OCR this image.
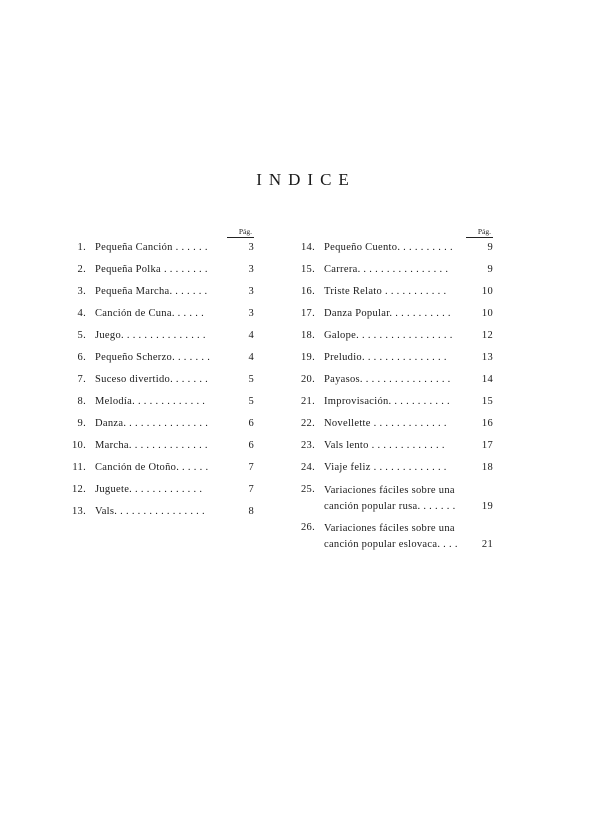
INDICE
Pág.
1. Pequeña Canción . . . . . .	3
2. Pequeña Polka . . . . . . . .	3
3. Pequeña Marcha. . . . . . .	3
4. Canción de Cuna. . . . . .	3
5. Juego. . . . . . . . . . . . . . .	4
6. Pequeño Scherzo. . . . . . .	4
7. Suceso divertido. . . . . . .	5
8. Melodía. . . . . . . . . . . . .	5
9. Danza. . . . . . . . . . . . . . .	6
10. Marcha. . . . . . . . . . . . . .	6
11. Canción de Otoño. . . . . .	7
12. Juguete. . . . . . . . . . . . .	7
13. Vals. . . . . . . . . . . . . . . .	8
Pág.
14. Pequeño Cuento. . . . . . . . . .	9
15. Carrera. . . . . . . . . . . . . . . .	9
16. Triste Relato . . . . . . . . . . .	10
17. Danza Popular. . . . . . . . . . .	10
18. Galope. . . . . . . . . . . . . . . . .	12
19. Preludio. . . . . . . . . . . . . . .	13
20. Payasos. . . . . . . . . . . . . . . .	14
21. Improvisación. . . . . . . . . . .	15
22. Novellette . . . . . . . . . . . . .	16
23. Vals lento . . . . . . . . . . . . .	17
24. Viaje feliz . . . . . . . . . . . . .	18
25. Variaciones fáciles sobre una
canción popular rusa. . . . . . .	19
26. Variaciones fáciles sobre una
canción popular eslovaca. . . .	21
